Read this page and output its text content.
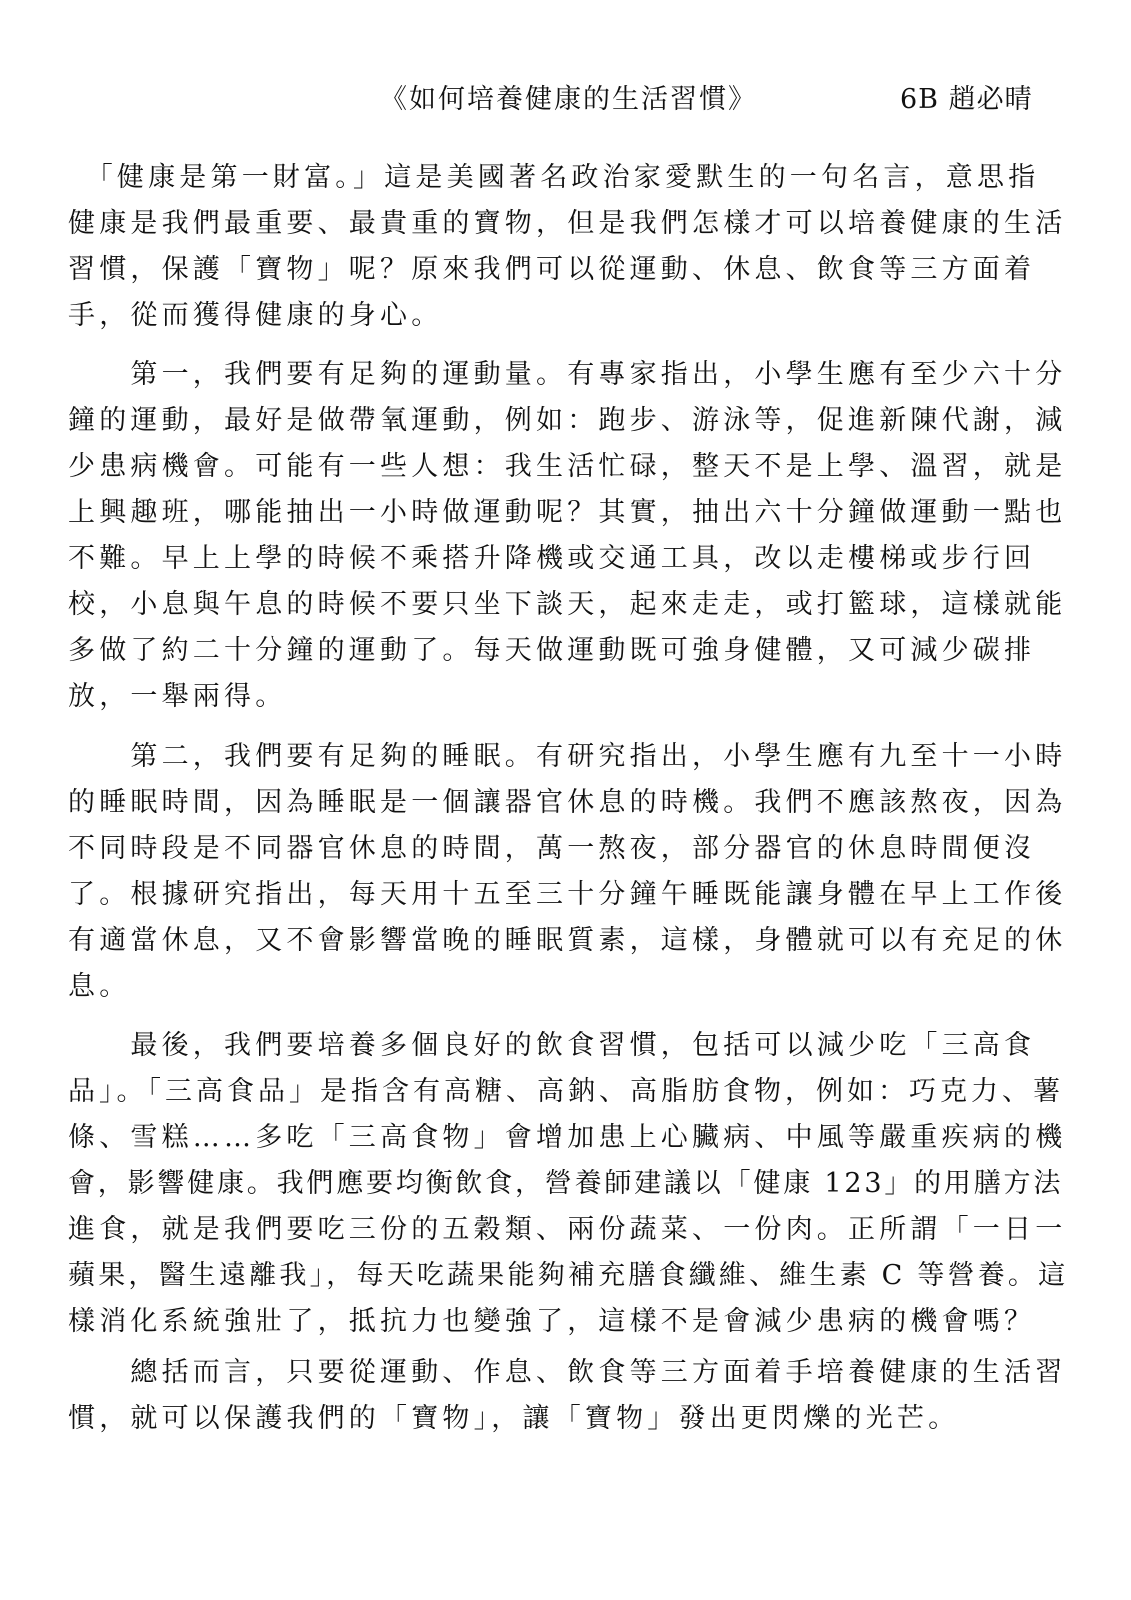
《如何培養健康的生活習慣》	6B 趙必晴
　「健康是第一財富。」這是美國著名政治家愛默生的一句名言，意思指
健康是我們最重要、最貴重的寶物，但是我們怎樣才可以培養健康的生活
習慣，保護「寶物」呢？原來我們可以從運動、休息、飲食等三方面着
手，從而獲得健康的身心。
　　第一，我們要有足夠的運動量。有專家指出，小學生應有至少六十分
鐘的運動，最好是做帶氧運動，例如：跑步、游泳等，促進新陳代謝，減
少患病機會。可能有一些人想：我生活忙碌，整天不是上學、溫習，就是
上興趣班，哪能抽出一小時做運動呢？其實，抽出六十分鐘做運動一點也
不難。早上上學的時候不乘搭升降機或交通工具，改以走樓梯或步行回
校，小息與午息的時候不要只坐下談天，起來走走，或打籃球，這樣就能
多做了約二十分鐘的運動了。每天做運動既可強身健體，又可減少碳排
放，一舉兩得。
　　第二，我們要有足夠的睡眠。有研究指出，小學生應有九至十一小時
的睡眠時間，因為睡眠是一個讓器官休息的時機。我們不應該熬夜，因為
不同時段是不同器官休息的時間，萬一熬夜，部分器官的休息時間便沒
了。根據研究指出，每天用十五至三十分鐘午睡既能讓身體在早上工作後
有適當休息，又不會影響當晚的睡眠質素，這樣，身體就可以有充足的休
息。
　　最後，我們要培養多個良好的飲食習慣，包括可以減少吃「三高食
品」。「三高食品」是指含有高糖、高鈉、高脂肪食物，例如：巧克力、薯
條、雪糕……多吃「三高食物」會增加患上心臟病、中風等嚴重疾病的機
會，影響健康。我們應要均衡飲食，營養師建議以「健康 123」的用膳方法
進食，就是我們要吃三份的五穀類、兩份蔬菜、一份肉。正所謂「一日一
蘋果，醫生遠離我」，每天吃蔬果能夠補充膳食纖維、維生素 C 等營養。這
樣消化系統強壯了，抵抗力也變強了，這樣不是會減少患病的機會嗎？
　　總括而言，只要從運動、作息、飲食等三方面着手培養健康的生活習
慣，就可以保護我們的「寶物」，讓「寶物」發出更閃爍的光芒。
